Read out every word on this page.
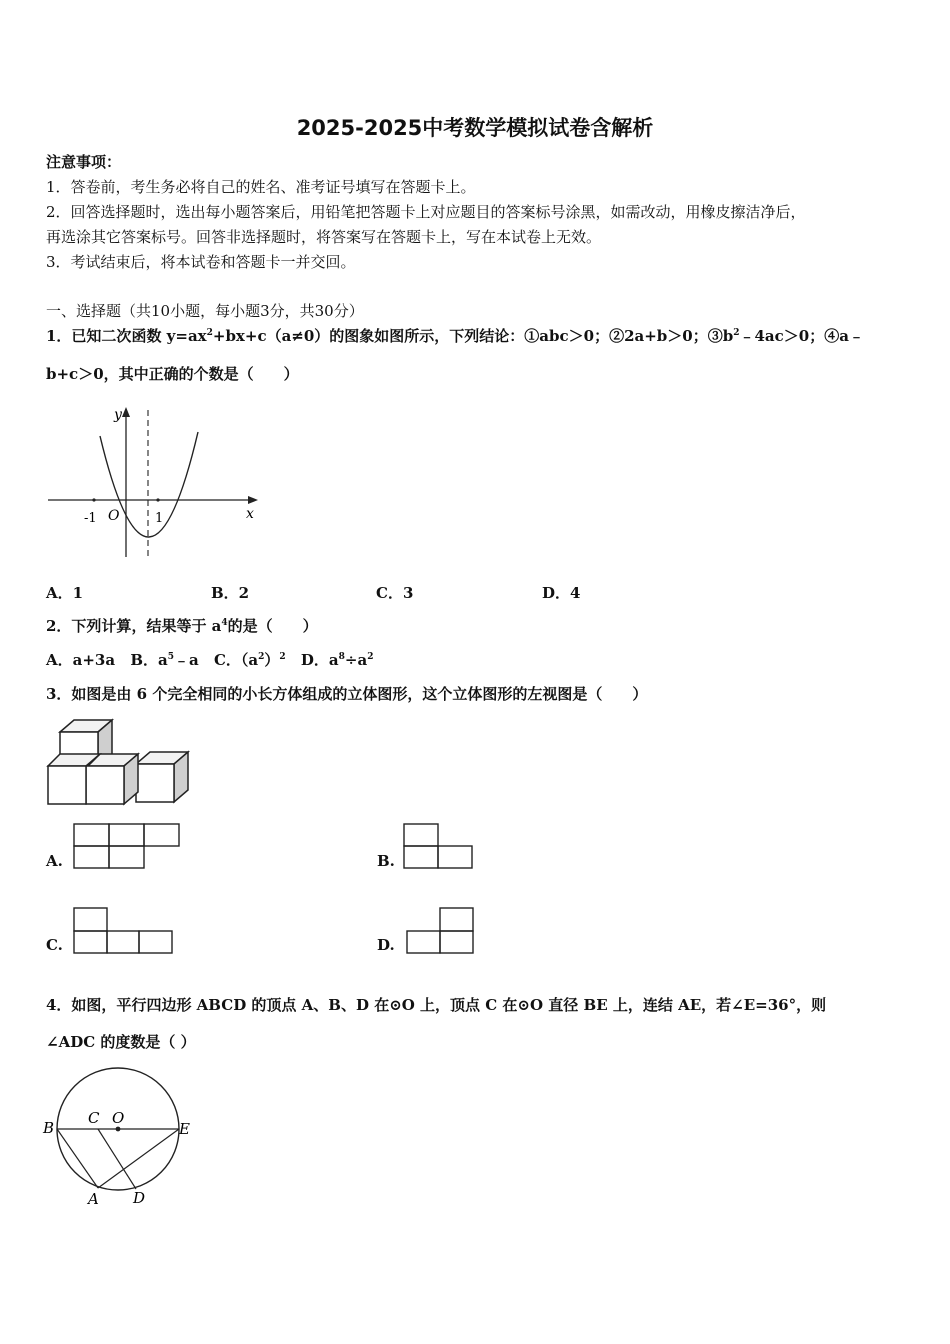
2025-2025中考数学模拟试卷含解析
注意事项：
1．答卷前，考生务必将自己的姓名、准考证号填写在答题卡上。
2．回答选择题时，选出每小题答案后，用铅笔把答题卡上对应题目的答案标号涂黑，如需改动，用橡皮擦洁净后，
再选涂其它答案标号。回答非选择题时，将答案写在答题卡上，写在本试卷上无效。
3．考试结束后，将本试卷和答题卡一并交回。
一、选择题（共10小题，每小题3分，共30分）
1．已知二次函数 $y=ax^2+bx+c(a\ne 0)$的图象如图所示，下列结论：①abc＞0；②2a+b＞0；$③b^2﹣4ac>0$；④a﹣
b+c＞0，其中正确的个数是（　　）
y
x
O
-1	1
A．1	B．2	C．3	D．4
2．下列计算，结果等于 $a^4$的是（　　）
A．a+3a B．$a^5﹣a$ C．$(a^2)^2$ D．$a^8\div a^2$
3．如图是由 6 个完全相同的小长方体组成的立体图形，这个立体图形的左视图是（　　）
A.	B.
C.	D.
4．如图，平行四边形 ABCD 的顶点 A、B、D 在⊙O 上，顶点 C 在⊙O 直径 BE 上，连结 AE，若∠E=36°，则
∠ADC 的度数是（ ）
B
C O
E
A D
